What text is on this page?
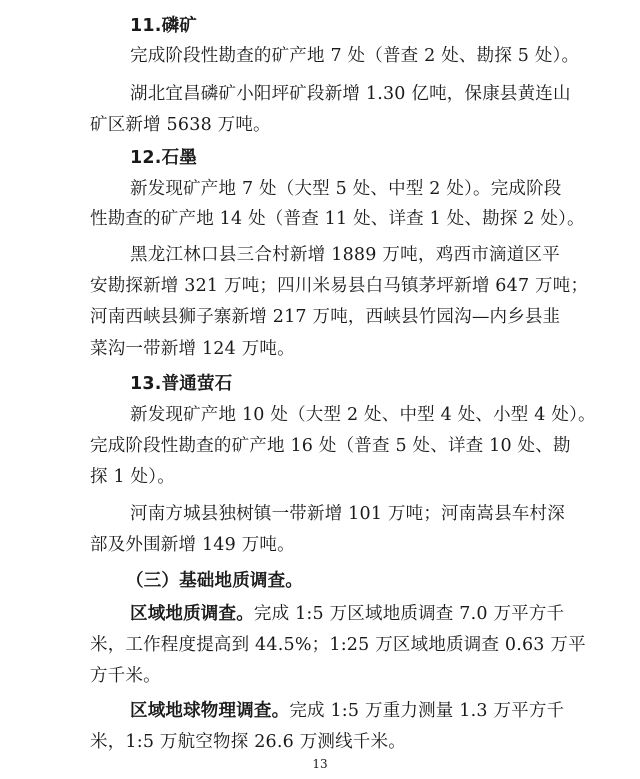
11.磷矿
完成阶段性勘查的矿产地 7 处（普查 2 处、勘探 5 处）。
湖北宜昌磷矿小阳坪矿段新增 1.30 亿吨，保康县黄连山
矿区新增 5638 万吨。
12.石墨
新发现矿产地 7 处（大型 5 处、中型 2 处）。完成阶段
性勘查的矿产地 14 处（普查 11 处、详查 1 处、勘探 2 处）。
黑龙江林口县三合村新增 1889 万吨，鸡西市滴道区平
安勘探新增 321 万吨；四川米易县白马镇茅坪新增 647 万吨；
河南西峡县狮子寨新增 217 万吨，西峡县竹园沟—内乡县韭
菜沟一带新增 124 万吨。
13.普通萤石
新发现矿产地 10 处（大型 2 处、中型 4 处、小型 4 处）。
完成阶段性勘查的矿产地 16 处（普查 5 处、详查 10 处、勘
探 1 处）。
河南方城县独树镇一带新增 101 万吨；河南嵩县车村深
部及外围新增 149 万吨。
（三）基础地质调查。
区域地质调查。完成 1:5 万区域地质调查 7.0 万平方千
米，工作程度提高到 44.5%；1:25 万区域地质调查 0.63 万平
方千米。
区域地球物理调查。完成 1:5 万重力测量 1.3 万平方千
米，1:5 万航空物探 26.6 万测线千米。
13
